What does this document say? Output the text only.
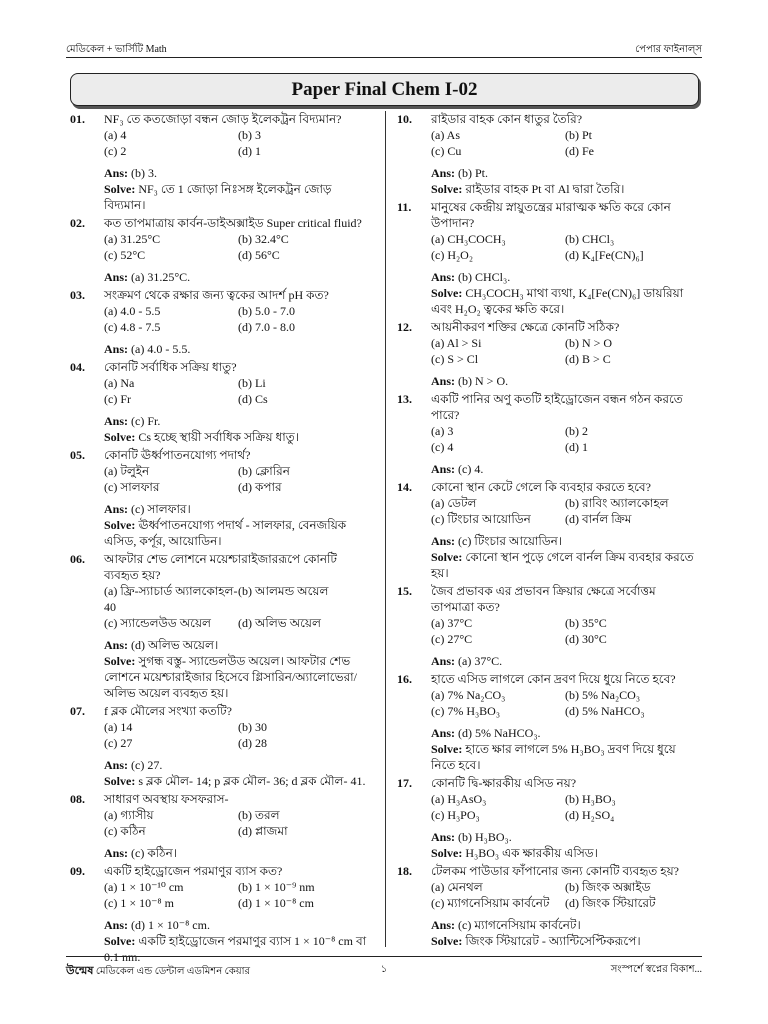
মেডিকেল + ভার্সিটি Math	পেপার ফাইনাল্স
Paper Final Chem I-02
01.	NF₃ তে কতজোড়া বন্ধন জোড় ইলেকট্রন বিদ্যমান?
(a) 4	(b) 3
(c) 2	(d) 1
Ans: (b) 3.
Solve: NF₃ তে 1 জোড়া নিঃসঙ্গ ইলেকট্রন জোড় বিদ্যমান।
02.	কত তাপমাত্রায় কার্বন-ডাইঅক্সাইড Super critical fluid?
(a) 31.25°C	(b) 32.4°C
(c) 52°C	(d) 56°C
Ans: (a) 31.25°C.
03.	সংক্রমণ থেকে রক্ষার জন্য ত্বকের আদর্শ pH কত?
(a) 4.0 - 5.5	(b) 5.0 - 7.0
(c) 4.8 - 7.5	(d) 7.0 - 8.0
Ans: (a) 4.0 - 5.5.
04.	কোনটি সর্বাধিক সক্রিয় ধাতু?
(a) Na	(b) Li
(c) Fr	(d) Cs
Ans: (c) Fr.
Solve: Cs হচ্ছে স্থায়ী সর্বাধিক সক্রিয় ধাতু।
05.	কোনটি ঊর্ধ্বপাতনযোগ্য পদার্থ?
(a) টলুইন	(b) ক্লোরিন
(c) সালফার	(d) কপার
Ans: (c) সালফার।
Solve: ঊর্ধ্বপাতনযোগ্য পদার্থ - সালফার, বেনজয়িক এসিড, কর্পূর, আয়োডিন।
06.	আফটার শেভ লোশনে ময়েশ্চারাইজাররূপে কোনটি ব্যবহৃত হয়?
(a) ফ্রি-স্যাচার্ড অ্যালকোহল- 40
(b) আলমন্ড অয়েল
(c) স্যান্ডেলউড অয়েল	(d) অলিভ অয়েল
Ans: (d) অলিভ অয়েল।
Solve: সুগন্ধ বস্তু- স্যান্ডেলউড অয়েল। আফটার শেভ লোশনে ময়েশ্চারাইজার হিসেবে গ্লিসারিন/অ্যালোভেরা/অলিভ অয়েল ব্যবহৃত হয়।
07.	f ব্লক মৌলের সংখ্যা কতটি?
(a) 14	(b) 30
(c) 27	(d) 28
Ans: (c) 27.
Solve: s ব্লক মৌল- 14; p ব্লক মৌল- 36; d ব্লক মৌল- 41.
08.	সাধারণ অবস্থায় ফসফরাস-
(a) গ্যাসীয়	(b) তরল
(c) কঠিন	(d) প্লাজমা
Ans: (c) কঠিন।
09.	একটি হাইড্রোজেন পরমাণুর ব্যাস কত?
(a) 1 × 10⁻¹⁰ cm	(b) 1 × 10⁻⁹ nm
(c) 1 × 10⁻⁸ m	(d) 1 × 10⁻⁸ cm
Ans: (d) 1 × 10⁻⁸ cm.
Solve: একটি হাইড্রোজেন পরমাণুর ব্যাস 1 × 10⁻⁸ cm বা 0.1 nm.
10.	রাইডার বাহক কোন ধাতুর তৈরি?
(a) As	(b) Pt
(c) Cu	(d) Fe
Ans: (b) Pt.
Solve: রাইডার বাহক Pt বা Al দ্বারা তৈরি।
11.	মানুষের কেন্দ্রীয় স্নায়ুতন্ত্রের মারাত্মক ক্ষতি করে কোন উপাদান?
(a) CH₃COCH₃	(b) CHCl₃
(c) H₂O₂	(d) K₄[Fe(CN)₆]
Ans: (b) CHCl₃.
Solve: CH₃COCH₃ মাথা ব্যথা, K₄[Fe(CN)₆] ডায়রিয়া এবং H₂O₂ ত্বকের ক্ষতি করে।
12.	আয়নীকরণ শক্তির ক্ষেত্রে কোনটি সঠিক?
(a) Al > Si	(b) N > O
(c) S > Cl	(d) B > C
Ans: (b) N > O.
13.	একটি পানির অণু কতটি হাইড্রোজেন বন্ধন গঠন করতে পারে?
(a) 3	(b) 2
(c) 4	(d) 1
Ans: (c) 4.
14.	কোনো স্থান কেটে গেলে কি ব্যবহার করতে হবে?
(a) ডেটল	(b) রাবিং অ্যালকোহল
(c) টিংচার আয়োডিন	(d) বার্নল ক্রিম
Ans: (c) টিংচার আয়োডিন।
Solve: কোনো স্থান পুড়ে গেলে বার্নল ক্রিম ব্যবহার করতে হয়।
15.	জৈব প্রভাবক এর প্রভাবন ক্রিয়ার ক্ষেত্রে সর্বোত্তম তাপমাত্রা কত?
(a) 37°C	(b) 35°C
(c) 27°C	(d) 30°C
Ans: (a) 37°C.
16.	হাতে এসিড লাগলে কোন দ্রবণ দিয়ে ধুয়ে নিতে হবে?
(a) 7% Na₂CO₃	(b) 5% Na₂CO₃
(c) 7% H₃BO₃	(d) 5% NaHCO₃
Ans: (d) 5% NaHCO₃.
Solve: হাতে ক্ষার লাগলে 5% H₃BO₃ দ্রবণ দিয়ে ধুয়ে নিতে হবে।
17.	কোনটি দ্বি-ক্ষারকীয় এসিড নয়?
(a) H₃AsO₃	(b) H₃BO₃
(c) H₃PO₃	(d) H₂SO₄
Ans: (b) H₃BO₃.
Solve: H₃BO₃ এক ক্ষারকীয় এসিড।
18.	টেলকম পাউডার ফাঁপানোর জন্য কোনটি ব্যবহৃত হয়?
(a) মেনথল	(b) জিংক অক্সাইড
(c) ম্যাগনেসিয়াম কার্বনেট	(d) জিংক স্টিয়ারেট
Ans: (c) ম্যাগনেসিয়াম কার্বনেট।
Solve: জিংক স্টিয়ারেট - অ্যান্টিসেপ্টিকরূপে।
উন্মেষ মেডিকেল এন্ড ডেন্টাল এডমিশন কেয়ার	১	সংস্পর্শে স্বপ্নের বিকাশ...
